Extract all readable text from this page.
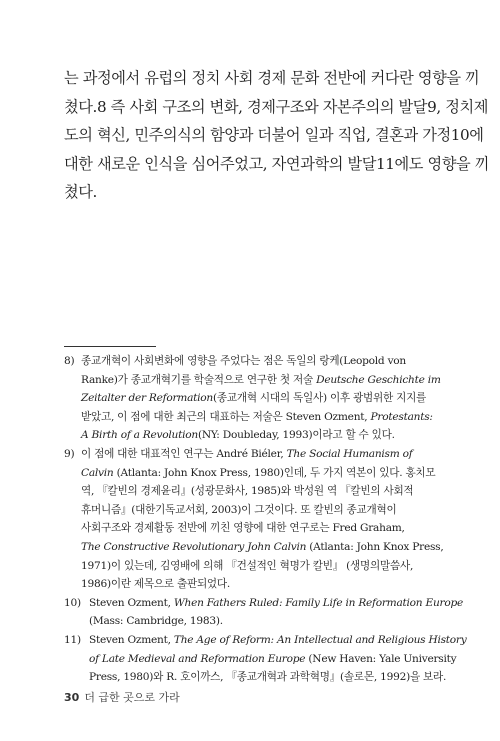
는 과정에서 유럽의 정치 사회 경제 문화 전반에 커다란 영향을 끼
쳤다.8 즉 사회 구조의 변화, 경제구조와 자본주의의 발달9, 정치제
도의 혁신, 민주의식의 함양과 더불어 일과 직업, 결혼과 가정10에
대한 새로운 인식을 심어주었고, 자연과학의 발달11에도 영향을 끼
쳤다.
8) 종교개혁이 사회변화에 영향을 주었다는 점은 독일의 랑케(Leopold von
Ranke)가 종교개혁기를 학술적으로 연구한 첫 저술 Deutsche Geschichte im
Zeitalter der Reformation(종교개혁 시대의 독일사) 이후 광범위한 지지를
받았고, 이 점에 대한 최근의 대표하는 저술은 Steven Ozment, Protestants:
A Birth of a Revolution(NY: Doubleday, 1993)이라고 할 수 있다.
9) 이 점에 대한 대표적인 연구는 André Biéler, The Social Humanism of
Calvin (Atlanta: John Knox Press, 1980)인데, 두 가지 역본이 있다. 홍치모
역, 『칼빈의 경제윤리』(성광문화사, 1985)와 박성원 역 『칼빈의 사회적
휴머니즘』(대한기독교서회, 2003)이 그것이다. 또 칼빈의 종교개혁이
사회구조와 경제활동 전반에 끼친 영향에 대한 연구로는 Fred Graham,
The Constructive Revolutionary John Calvin (Atlanta: John Knox Press,
1971)이 있는데, 김영배에 의해 『건설적인 혁명가 칼빈』 (생명의말씀사,
1986)이란 제목으로 출판되었다.
10) Steven Ozment, When Fathers Ruled: Family Life in Reformation Europe
(Mass: Cambridge, 1983).
11) Steven Ozment, The Age of Reform: An Intellectual and Religious History
of Late Medieval and Reformation Europe (New Haven: Yale University
Press, 1980)와 R. 호이까스, 『종교개혁과 과학혁명』(솔로몬, 1992)을 보라.
30 더 급한 곳으로 가라
